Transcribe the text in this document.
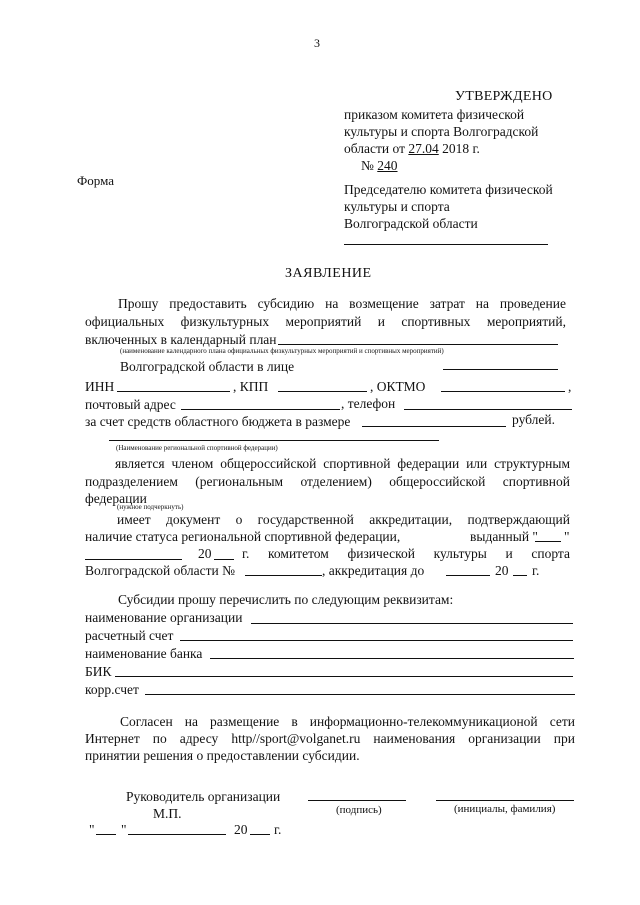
3
УТВЕРЖДЕНО
приказом комитета физической
культуры и спорта Волгоградской
области от 27.04 2018 г.
№ 240
Форма
Председателю комитета физической
культуры и спорта
Волгоградской области
ЗАЯВЛЕНИЕ
Прошу предоставить субсидию на возмещение затрат на проведение
официальных физкультурных мероприятий и спортивных мероприятий,
включенных в календарный план
(наименование календарного плана официальных физкультурных мероприятий и спортивных мероприятий)
Волгоградской области в лице
ИНН	, КПП	, ОКТМО	,
почтовый адрес	, телефон
за счет средств областного бюджета в размере	рублей.
(Наименование региональной спортивной федерации)
является членом общероссийской спортивной федерации или структурным
подразделением (региональным отделением) общероссийской спортивной
федерации
(нужное подчеркнуть)
имеет документ о государственной аккредитации, подтверждающий
наличие статуса региональной спортивной федерации,	выданный " "
20 г. комитетом физической культуры и спорта
Волгоградской области №	, аккредитация до	20 г.
Субсидии прошу перечислить по следующим реквизитам:
наименование организации
расчетный счет
наименование банка
БИК
корр.счет
Согласен на размещение в информационно-телекоммуникационой сети
Интернет по адресу http//sport@volganet.ru наименования организации при
принятии решения о предоставлении субсидии.
Руководитель организации
(подпись)	(инициалы, фамилия)
М.П.
" "	20 г.
